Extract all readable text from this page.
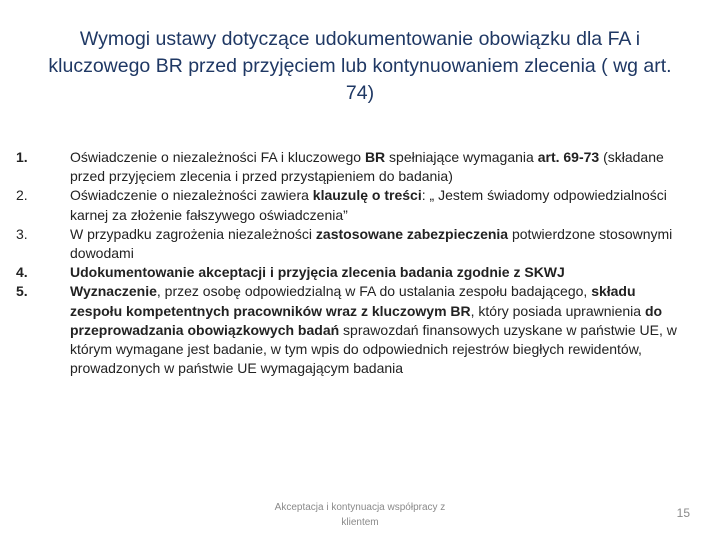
Wymogi ustawy dotyczące udokumentowanie obowiązku dla FA i kluczowego BR przed przyjęciem lub kontynuowaniem zlecenia ( wg art. 74)
1.	Oświadczenie o niezależności FA i kluczowego BR spełniające wymagania art. 69-73 (składane przed przyjęciem zlecenia i przed przystąpieniem do badania)
2.	Oświadczenie o niezależności zawiera klauzulę o treści: „ Jestem świadomy odpowiedzialności karnej za złożenie fałszywego oświadczenia”
3.	W przypadku zagrożenia niezależności zastosowane zabezpieczenia potwierdzone stosownymi dowodami
4.	Udokumentowanie akceptacji i przyjęcia zlecenia badania zgodnie z SKWJ
5.	Wyznaczenie, przez osobę odpowiedzialną w FA do ustalania zespołu badającego, składu zespołu kompetentnych pracowników wraz z kluczowym BR, który posiada uprawnienia do przeprowadzania obowiązkowych badań sprawozdań finansowych uzyskane w państwie UE, w którym wymagane jest badanie, w tym wpis do odpowiednich rejestrów biegłych rewidentów, prowadzonych w państwie UE wymagającym badania
Akceptacja i kontynuacja współpracy z klientem
15
